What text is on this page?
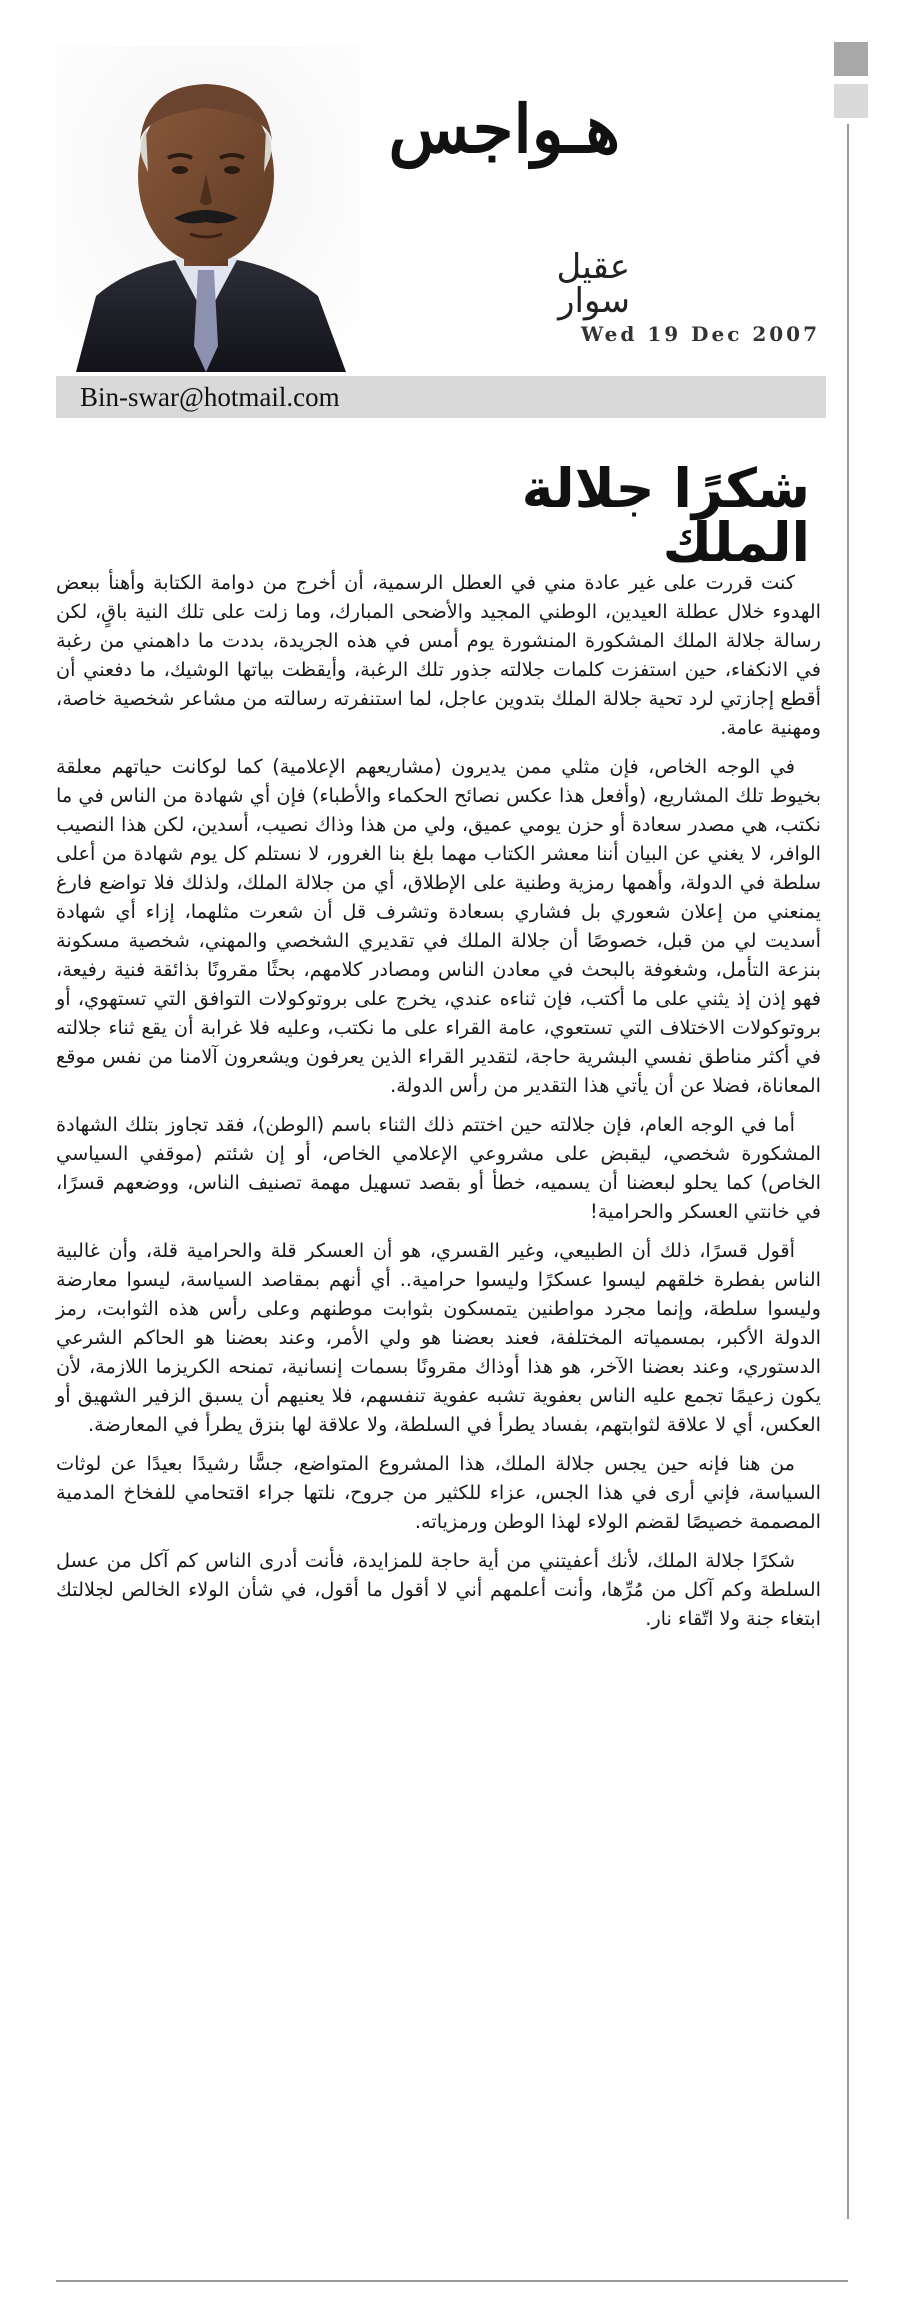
هـواجس
عقيل سوار
Wed 19 Dec 2007
Bin-swar@hotmail.com
شكرًا جلالة الملك

كنت قررت على غير عادة مني في العطل الرسمية، أن أخرج من دوامة الكتابة وأهنأ ببعض الهدوء خلال عطلة العيدين، الوطني المجيد والأضحى المبارك، وما زلت على تلك النية باقٍ، لكن رسالة جلالة الملك المشكورة المنشورة يوم أمس في هذه الجريدة، بددت ما داهمني من رغبة في الانكفاء، حين استفزت كلمات جلالته جذور تلك الرغبة، وأيقظت بياتها الوشيك، ما دفعني أن أقطع إجازتي لرد تحية جلالة الملك بتدوين عاجل، لما استنفرته رسالته من مشاعر شخصية خاصة، ومهنية عامة.

في الوجه الخاص، فإن مثلي ممن يديرون (مشاريعهم الإعلامية) كما لوكانت حياتهم معلقة بخيوط تلك المشاريع، (وأفعل هذا عكس نصائح الحكماء والأطباء) فإن أي شهادة من الناس في ما نكتب، هي مصدر سعادة أو حزن يومي عميق، ولي من هذا وذاك نصيب، أسدين، لكن هذا النصيب الوافر، لا يغني عن البيان أننا معشر الكتاب مهما بلغ بنا الغرور، لا نستلم كل يوم شهادة من أعلى سلطة في الدولة، وأهمها رمزية وطنية على الإطلاق، أي من جلالة الملك، ولذلك فلا تواضع فارغ يمنعني من إعلان شعوري بل فشاري بسعادة وتشرف قل أن شعرت مثلهما، إزاء أي شهادة أسديت لي من قبل، خصوصًا أن جلالة الملك في تقديري الشخصي والمهني، شخصية مسكونة بنزعة التأمل، وشغوفة بالبحث في معادن الناس ومصادر كلامهم، بحثًا مقرونًا بذائقة فنية رفيعة، فهو إذن إذ يثني على ما أكتب، فإن ثناءه عندي، يخرج على بروتوكولات التوافق التي تستهوي، أو بروتوكولات الاختلاف التي تستعوي، عامة القراء على ما نكتب، وعليه فلا غرابة أن يقع ثناء جلالته في أكثر مناطق نفسي البشرية حاجة، لتقدير القراء الذين يعرفون ويشعرون آلامنا من نفس موقع المعاناة، فضلا عن أن يأتي هذا التقدير من رأس الدولة.

أما في الوجه العام، فإن جلالته حين اختتم ذلك الثناء باسم (الوطن)، فقد تجاوز بتلك الشهادة المشكورة شخصي، ليقبض على مشروعي الإعلامي الخاص، أو إن شئتم (موقفي السياسي الخاص) كما يحلو لبعضنا أن يسميه، خطأ أو بقصد تسهيل مهمة تصنيف الناس، ووضعهم قسرًا، في خانتي العسكر والحرامية!

أقول قسرًا، ذلك أن الطبيعي، وغير القسري، هو أن العسكر قلة والحرامية قلة، وأن غالبية الناس بفطرة خلقهم ليسوا عسكرًا وليسوا حرامية.. أي أنهم بمقاصد السياسة، ليسوا معارضة وليسوا سلطة، وإنما مجرد مواطنين يتمسكون بثوابت موطنهم وعلى رأس هذه الثوابت، رمز الدولة الأكبر، بمسمياته المختلفة، فعند بعضنا هو ولي الأمر، وعند بعضنا هو الحاكم الشرعي الدستوري، وعند بعضنا الآخر، هو هذا أوذاك مقرونًا بسمات إنسانية، تمنحه الكريزما اللازمة، لأن يكون زعيمًا تجمع عليه الناس بعفوية تشبه عفوية تنفسهم، فلا يعنيهم أن يسبق الزفير الشهيق أو العكس، أي لا علاقة لثوابتهم، بفساد يطرأ في السلطة، ولا علاقة لها بنزق يطرأ في المعارضة.

من هنا فإنه حين يجس جلالة الملك، هذا المشروع المتواضع، جسًّا رشيدًا بعيدًا عن لوثات السياسة، فإني أرى في هذا الجس، عزاء للكثير من جروح، نلتها جراء اقتحامي للفخاخ المدمية المصممة خصيصًا لقضم الولاء لهذا الوطن ورمزياته.

شكرًا جلالة الملك، لأنك أعفيتني من أية حاجة للمزايدة، فأنت أدرى الناس كم آكل من عسل السلطة وكم آكل من مُرِّها، وأنت أعلمهم أني لا أقول ما أقول، في شأن الولاء الخالص لجلالتك ابتغاء جنة ولا اتّقاء نار.
